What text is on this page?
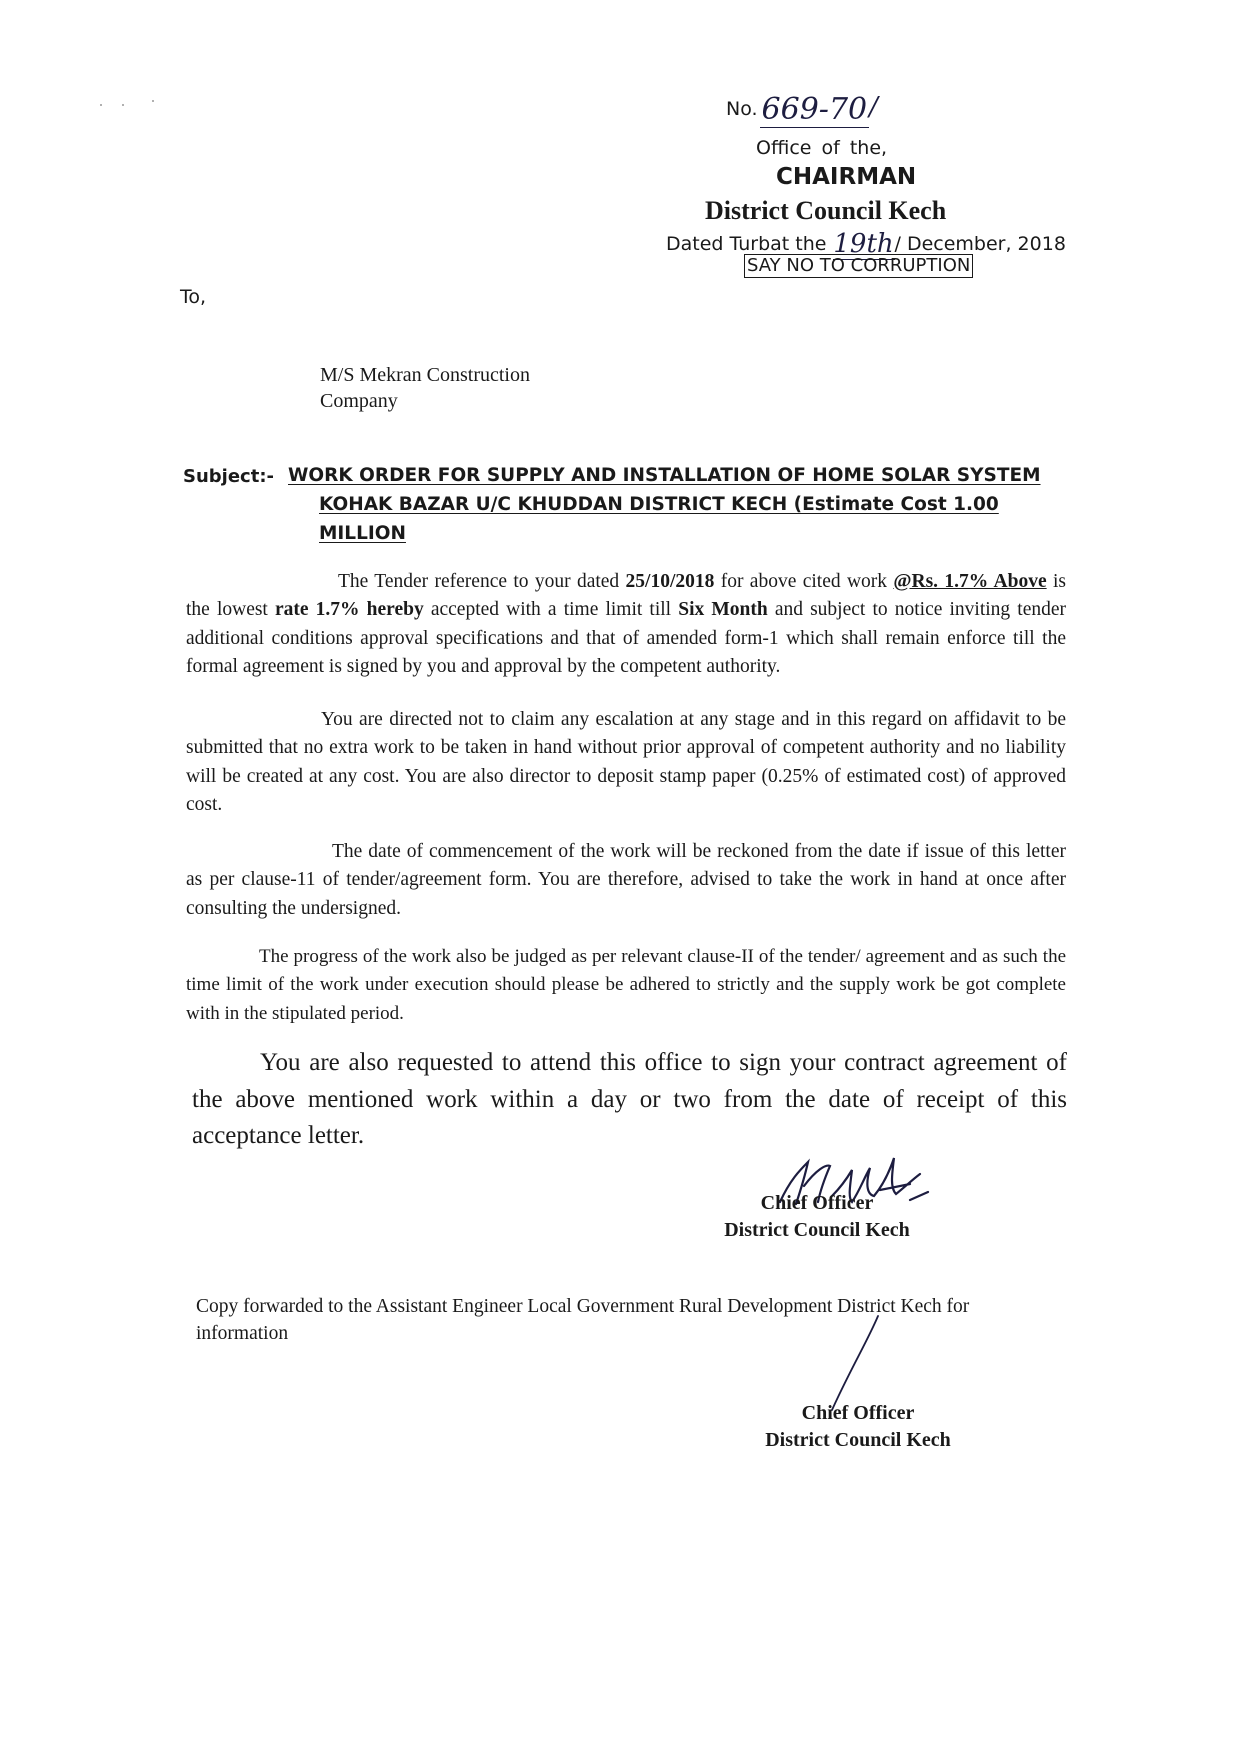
No. 669-70/
Office of the,
CHAIRMAN
District Council Kech
Dated Turbat the 19th/ December, 2018
SAY NO TO CORRUPTION
To,
M/S Mekran Construction Company
Subject:- WORK ORDER FOR SUPPLY AND INSTALLATION OF HOME SOLAR SYSTEM KOHAK BAZAR U/C KHUDDAN DISTRICT KECH (Estimate Cost 1.00 MILLION
The Tender reference to your dated 25/10/2018 for above cited work @Rs. 1.7% Above is the lowest rate 1.7% hereby accepted with a time limit till Six Month and subject to notice inviting tender additional conditions approval specifications and that of amended form-1 which shall remain enforce till the formal agreement is signed by you and approval by the competent authority.
You are directed not to claim any escalation at any stage and in this regard on affidavit to be submitted that no extra work to be taken in hand without prior approval of competent authority and no liability will be created at any cost. You are also director to deposit stamp paper (0.25% of estimated cost) of approved cost.
The date of commencement of the work will be reckoned from the date if issue of this letter as per clause-11 of tender/agreement form. You are therefore, advised to take the work in hand at once after consulting the undersigned.
The progress of the work also be judged as per relevant clause-II of the tender/ agreement and as such the time limit of the work under execution should please be adhered to strictly and the supply work be got complete with in the stipulated period.
You are also requested to attend this office to sign your contract agreement of the above mentioned work within a day or two from the date of receipt of this acceptance letter.
Chief Officer
District Council Kech
Copy forwarded to the Assistant Engineer Local Government Rural Development District Kech for information
Chief Officer
District Council Kech
